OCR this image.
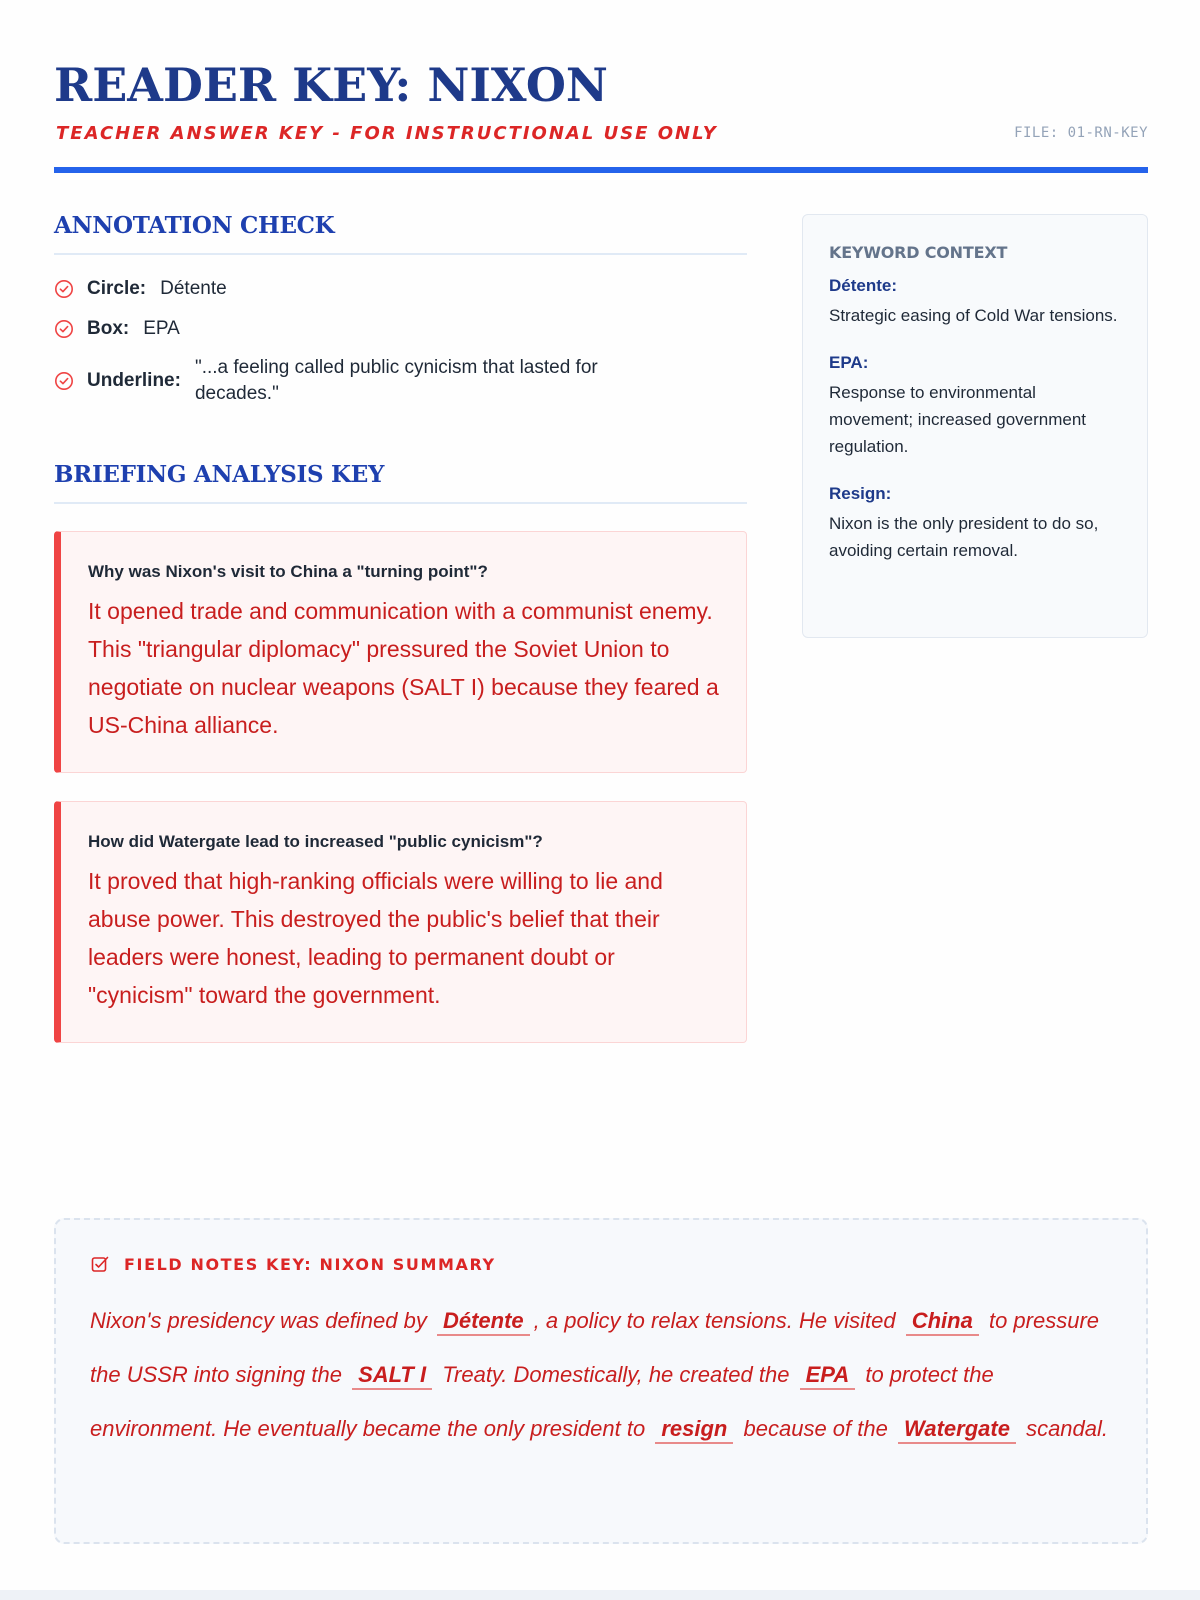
READER KEY: NIXON
TEACHER ANSWER KEY - FOR INSTRUCTIONAL USE ONLY	FILE: 01-RN-KEY
ANNOTATION CHECK
Circle: Détente
Box: EPA
Underline:
"...a feeling called public cynicism that lasted for decades."
BRIEFING ANALYSIS KEY
Why was Nixon's visit to China a "turning point"?
It opened trade and communication with a communist enemy. This "triangular diplomacy" pressured the Soviet Union to negotiate on nuclear weapons (SALT I) because they feared a US-China alliance.
How did Watergate lead to increased "public cynicism"?
It proved that high-ranking officials were willing to lie and abuse power. This destroyed the public's belief that their leaders were honest, leading to permanent doubt or "cynicism" toward the government.
KEYWORD CONTEXT
Détente:
Strategic easing of Cold War tensions.
EPA:
Response to environmental movement; increased government regulation.
Resign:
Nixon is the only president to do so, avoiding certain removal.
FIELD NOTES KEY: NIXON SUMMARY

Nixon's presidency was defined by Détente , a policy to relax tensions. He visited China to pressure the USSR into signing the SALT I Treaty. Domestically, he created the EPA to protect the environment. He eventually became the only president to resign because of the Watergate scandal.
